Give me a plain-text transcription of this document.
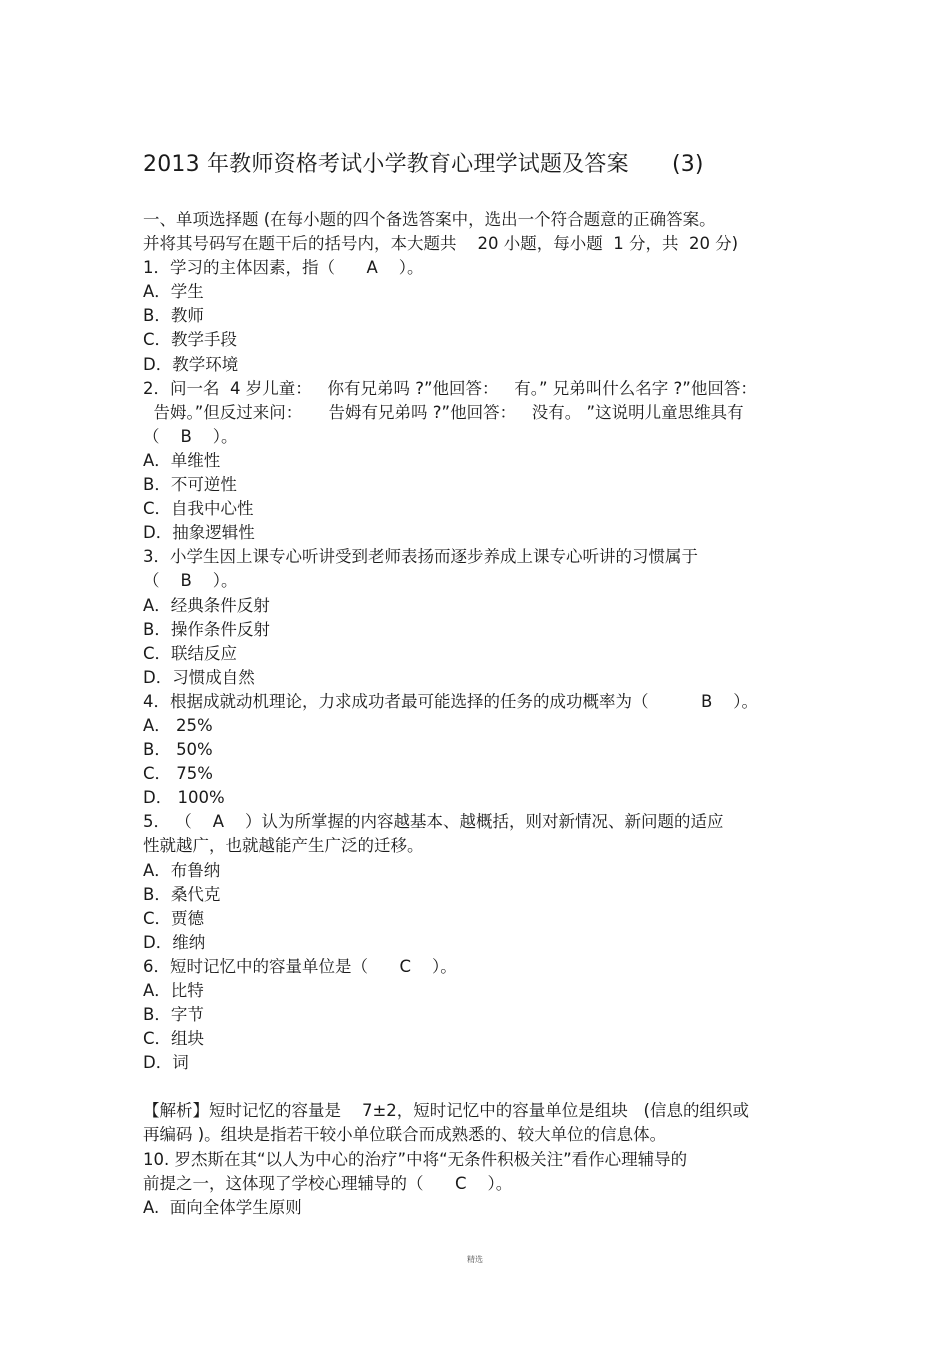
2013 年教师资格考试小学教育心理学试题及答案      (3)
一、单项选择题 (在每小题的四个备选答案中，选出一个符合题意的正确答案。
并将其号码写在题干后的括号内，本大题共    20 小题，每小题  1 分，共  20 分)
1．学习的主体因素，指（      A    ）。
A．学生
B．教师
C．教学手段
D．教学环境
2．问一名  4 岁儿童：   你有兄弟吗 ?”他回答：   有。” 兄弟叫什么名字 ?”他回答：
告姆。”但反过来问：     告姆有兄弟吗 ?”他回答：   没有。 ”这说明儿童思维具有
（    B    ）。
A．单维性
B．不可逆性
C．自我中心性
D．抽象逻辑性
3．小学生因上课专心听讲受到老师表扬而逐步养成上课专心听讲的习惯属于
（    B    ）。
A．经典条件反射
B．操作条件反射
C．联结反应
D．习惯成自然
4．根据成就动机理论，力求成功者最可能选择的任务的成功概率为（          B    ）。
A． 25%
B． 50%
C． 75%
D． 100%
5． （    A    ）认为所掌握的内容越基本、越概括，则对新情况、新问题的适应
性就越广，也就越能产生广泛的迁移。
A．布鲁纳
B．桑代克
C．贾德
D．维纳
6．短时记忆中的容量单位是（      C    ）。
A．比特
B．字节
C．组块
D．词
【解析】短时记忆的容量是    7±2，短时记忆中的容量单位是组块   (信息的组织或
再编码 )。组块是指若干较小单位联合而成熟悉的、较大单位的信息体。
10. 罗杰斯在其“以人为中心的治疗”中将“无条件积极关注”看作心理辅导的
前提之一，这体现了学校心理辅导的（      C    ）。
A.  面向全体学生原则
精选
